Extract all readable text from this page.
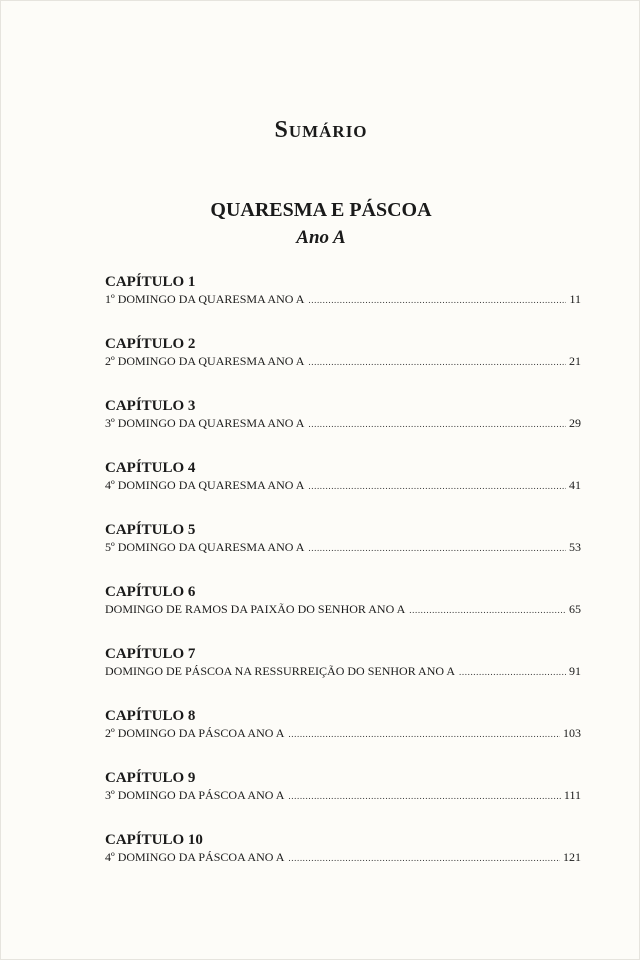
Sumário
QUARESMA E PÁSCOA
Ano A

CAPÍTULO 1

1º DOMINGO DA QUARESMA ANO A .....	11

CAPÍTULO 2

2º DOMINGO DA QUARESMA ANO A .....	21

CAPÍTULO 3

3º DOMINGO DA QUARESMA ANO A .....	29

CAPÍTULO 4

4º DOMINGO DA QUARESMA ANO A .....	41

CAPÍTULO 5

5º DOMINGO DA QUARESMA ANO A .....	53

CAPÍTULO 6

DOMINGO DE RAMOS DA PAIXÃO DO SENHOR ANO A .....	65

CAPÍTULO 7

DOMINGO DE PÁSCOA NA RESSURREIÇÃO DO SENHOR ANO A .....	91

CAPÍTULO 8

2º DOMINGO DA PÁSCOA ANO A .....	103

CAPÍTULO 9

3º DOMINGO DA PÁSCOA ANO A .....	111

CAPÍTULO 10

4º DOMINGO DA PÁSCOA ANO A .....	121
